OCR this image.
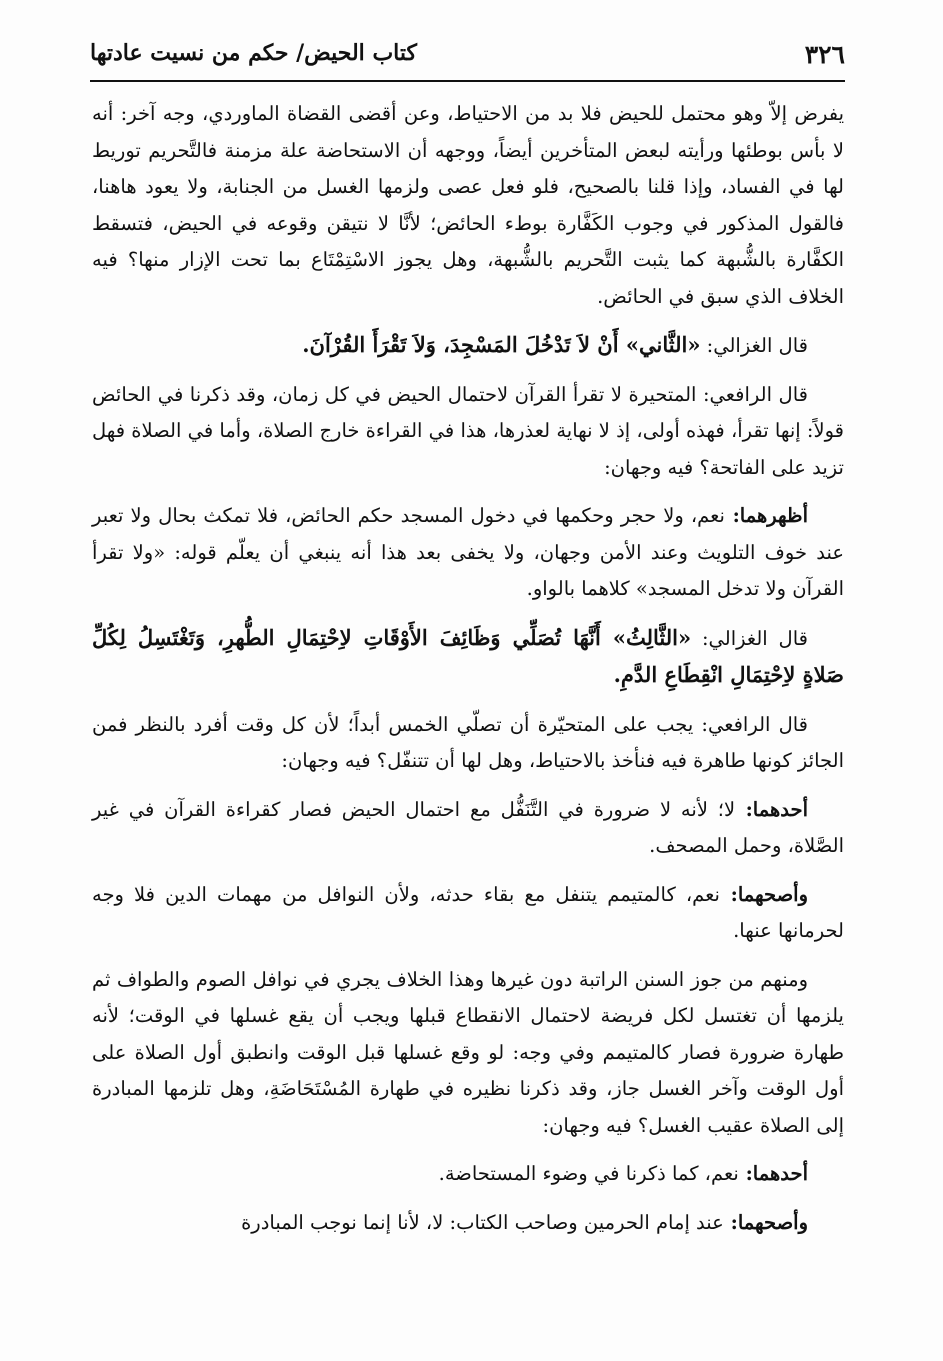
٣٢٦
كتاب الحيض/ حكم من نسيت عادتها

يفرض إلاّ وهو محتمل للحيض فلا بد من الاحتياط، وعن أقضى القضاة الماوردي، وجه آخر: أنه لا بأس بوطئها ورأيته لبعض المتأخرين أيضاً، ووجهه أن الاستحاضة علة مزمنة فالتَّحريم توريط لها في الفساد، وإذا قلنا بالصحيح، فلو فعل عصى ولزمها الغسل من الجنابة، ولا يعود هاهنا، فالقول المذكور في وجوب الكَفَّارة بوطء الحائض؛ لأنَّا لا نتيقن وقوعه في الحيض، فتسقط الكفَّارة بالشُّبهة كما يثبت التَّحريم بالشُّبهة، وهل يجوز الاسْتِمْتَاع بما تحت الإزار منها؟ فيه الخلاف الذي سبق في الحائض.

قال الغزالي: «الثَّاني» أَنْ لاَ تَدْخُلَ المَسْجِدَ، وَلاَ تَقْرَأَ القُرْآنَ.

قال الرافعي: المتحيرة لا تقرأ القرآن لاحتمال الحيض في كل زمان، وقد ذكرنا في الحائض قولاً: إنها تقرأ، فهذه أولى، إذ لا نهاية لعذرها، هذا في القراءة خارج الصلاة، وأما في الصلاة فهل تزيد على الفاتحة؟ فيه وجهان:

أظهرهما: نعم، ولا حجر وحكمها في دخول المسجد حكم الحائض، فلا تمكث بحال ولا تعبر عند خوف التلويث وعند الأمن وجهان، ولا يخفى بعد هذا أنه ينبغي أن يعلّم قوله: «ولا تقرأ القرآن ولا تدخل المسجد» كلاهما بالواو.

قال الغزالي: «الثَّالِثُ» أَنَّهَا تُصَلِّي وَظَائِفَ الأَوْقَاتِ لاِحْتِمَالِ الطُّهرِ، وَتَغْتَسِلُ لِكُلِّ صَلاةٍ لاِحْتِمَالِ انْقِطَاعِ الدَّمِ.

قال الرافعي: يجب على المتحيّرة أن تصلّي الخمس أبداً؛ لأن كل وقت أفرد بالنظر فمن الجائز كونها طاهرة فيه فنأخذ بالاحتياط، وهل لها أن تتنفّل؟ فيه وجهان:

أحدهما: لا؛ لأنه لا ضرورة في التَّنَفُّل مع احتمال الحيض فصار كقراءة القرآن في غير الصَّلاة، وحمل المصحف.

وأصحهما: نعم، كالمتيمم يتنفل مع بقاء حدثه، ولأن النوافل من مهمات الدين فلا وجه لحرمانها عنها.

ومنهم من جوز السنن الراتبة دون غيرها وهذا الخلاف يجري في نوافل الصوم والطواف ثم يلزمها أن تغتسل لكل فريضة لاحتمال الانقطاع قبلها ويجب أن يقع غسلها في الوقت؛ لأنه طهارة ضرورة فصار كالمتيمم وفي وجه: لو وقع غسلها قبل الوقت وانطبق أول الصلاة على أول الوقت وآخر الغسل جاز، وقد ذكرنا نظيره في طهارة المُسْتَحَاضَةِ، وهل تلزمها المبادرة إلى الصلاة عقيب الغسل؟ فيه وجهان:

أحدهما: نعم، كما ذكرنا في وضوء المستحاضة.

وأصحهما: عند إمام الحرمين وصاحب الكتاب: لا، لأنا إنما نوجب المبادرة
